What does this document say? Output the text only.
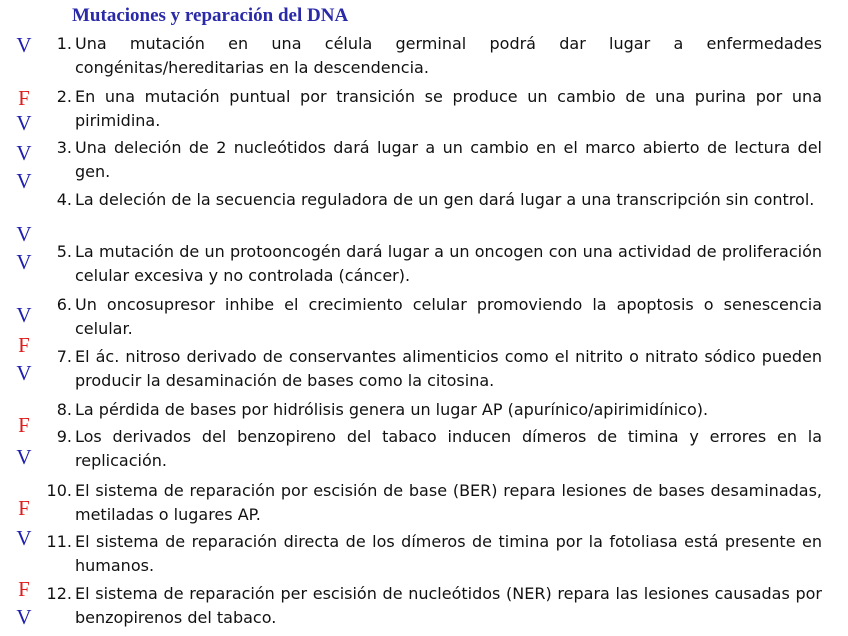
Mutaciones y reparación del DNA
V
F
V
V
V
V
V
V
F
V
F
V
F
V
F
V
1. Una mutación en una célula germinal podrá dar lugar a enfermedades congénitas/hereditarias en la descendencia.
2. En una mutación puntual por transición se produce un cambio de una purina por una pirimidina.
3. Una deleción de 2 nucleótidos dará lugar a un cambio en el marco abierto de lectura del gen.
4. La deleción de la secuencia reguladora de un gen dará lugar a una transcripción sin control.
5. La mutación de un protooncogén dará lugar a un oncogen con una actividad de proliferación celular excesiva y no controlada (cáncer).
6. Un oncosupresor inhibe el crecimiento celular promoviendo la apoptosis o senescencia celular.
7. El ác. nitroso derivado de conservantes alimenticios como el nitrito o nitrato sódico pueden producir la desaminación de bases como la citosina.
8. La pérdida de bases por hidrólisis genera un lugar AP (apurínico/apirimidínico).
9. Los derivados del benzopireno del tabaco inducen dímeros de timina y errores en la replicación.
10. El sistema de reparación por escisión de base (BER) repara lesiones de bases desaminadas, metiladas o lugares AP.
11. El sistema de reparación directa de los dímeros de timina por la fotoliasa está presente en humanos.
12. El sistema de reparación per escisión de nucleótidos (NER) repara las lesiones causadas por benzopirenos del tabaco.
